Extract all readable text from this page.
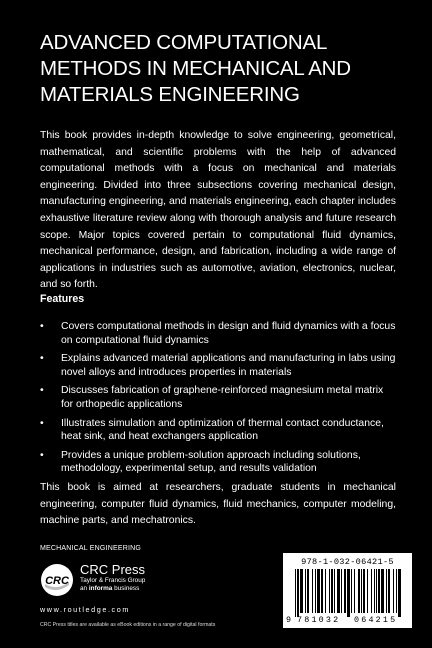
ADVANCED COMPUTATIONAL
METHODS IN MECHANICAL AND
MATERIALS ENGINEERING
This book provides in-depth knowledge to solve engineering, geometrical, mathematical, and scientific problems with the help of advanced computational methods with a focus on mechanical and materials engineering. Divided into three subsections covering mechanical design, manufacturing engineering, and materials engineering, each chapter includes exhaustive literature review along with thorough analysis and future research scope. Major topics covered pertain to computational fluid dynamics, mechanical performance, design, and fabrication, including a wide range of applications in industries such as automotive, aviation, electronics, nuclear, and so forth.
Features
• Covers computational methods in design and fluid dynamics with a focus on computational fluid dynamics
• Explains advanced material applications and manufacturing in labs using novel alloys and introduces properties in materials
• Discusses fabrication of graphene-reinforced magnesium metal matrix for orthopedic applications
• Illustrates simulation and optimization of thermal contact conductance, heat sink, and heat exchangers application
• Provides a unique problem-solution approach including solutions, methodology, experimental setup, and results validation
This book is aimed at researchers, graduate students in mechanical engineering, computer fluid dynamics, fluid mechanics, computer modeling, machine parts, and mechatronics.
MECHANICAL ENGINEERING
CRC
CRC Press
Taylor & Francis Group
an informa business
www.routledge.com
CRC Press titles are available as eBook editions in a range of digital formats
978-1-032-06421-5
9 781032 064215
